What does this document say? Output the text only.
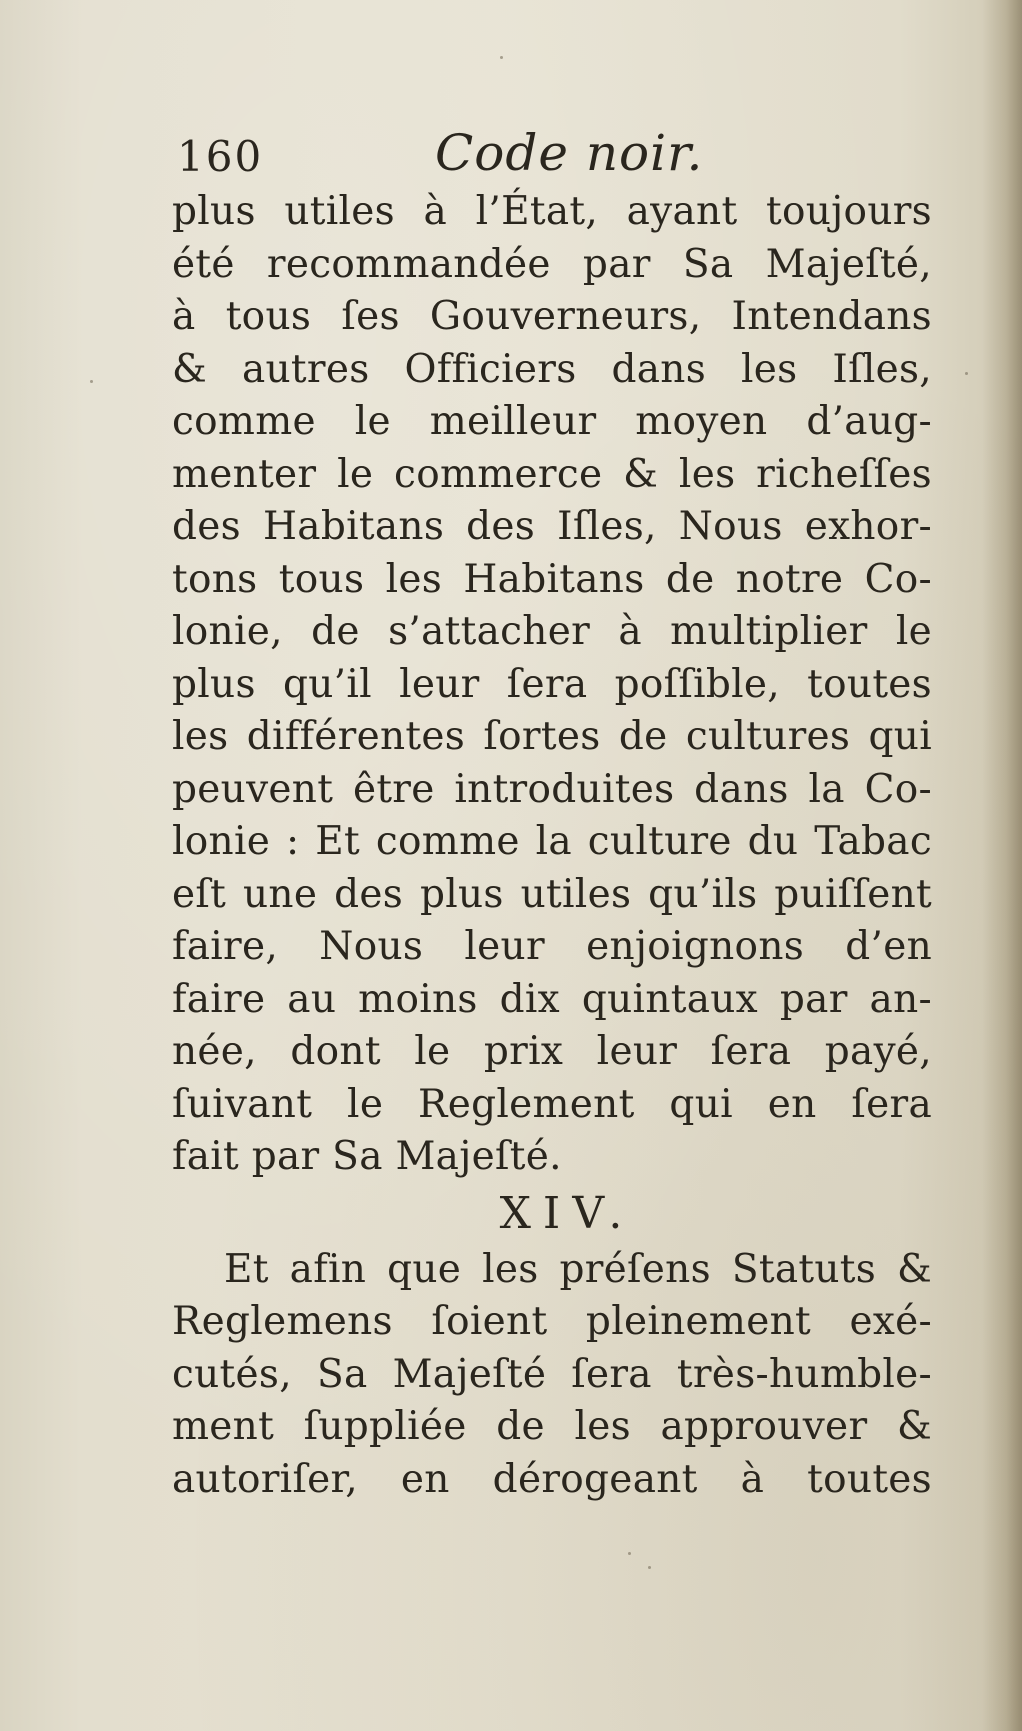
160	Code noir.
plus utiles à l’État, ayant toujours
été recommandée par Sa Majeſté,
à tous ſes Gouverneurs, Intendans
& autres Officiers dans les Iſles,
comme le meilleur moyen d’aug-
menter le commerce & les richeſſes
des Habitans des Iſles, Nous exhor-
tons tous les Habitans de notre Co-
lonie, de s’attacher à multiplier le
plus qu’il leur ſera poſſible, toutes
les différentes ſortes de cultures qui
peuvent être introduites dans la Co-
lonie : Et comme la culture du Tabac
eſt une des plus utiles qu’ils puiſſent
faire, Nous leur enjoignons d’en
faire au moins dix quintaux par an-
née, dont le prix leur ſera payé,
ſuivant le Reglement qui en ſera
fait par Sa Majeſté.
XIV.
Et afin que les préſens Statuts &
Reglemens ſoient pleinement exé-
cutés, Sa Majeſté ſera très-humble-
ment ſuppliée de les approuver &
autoriſer, en dérogeant à toutes
